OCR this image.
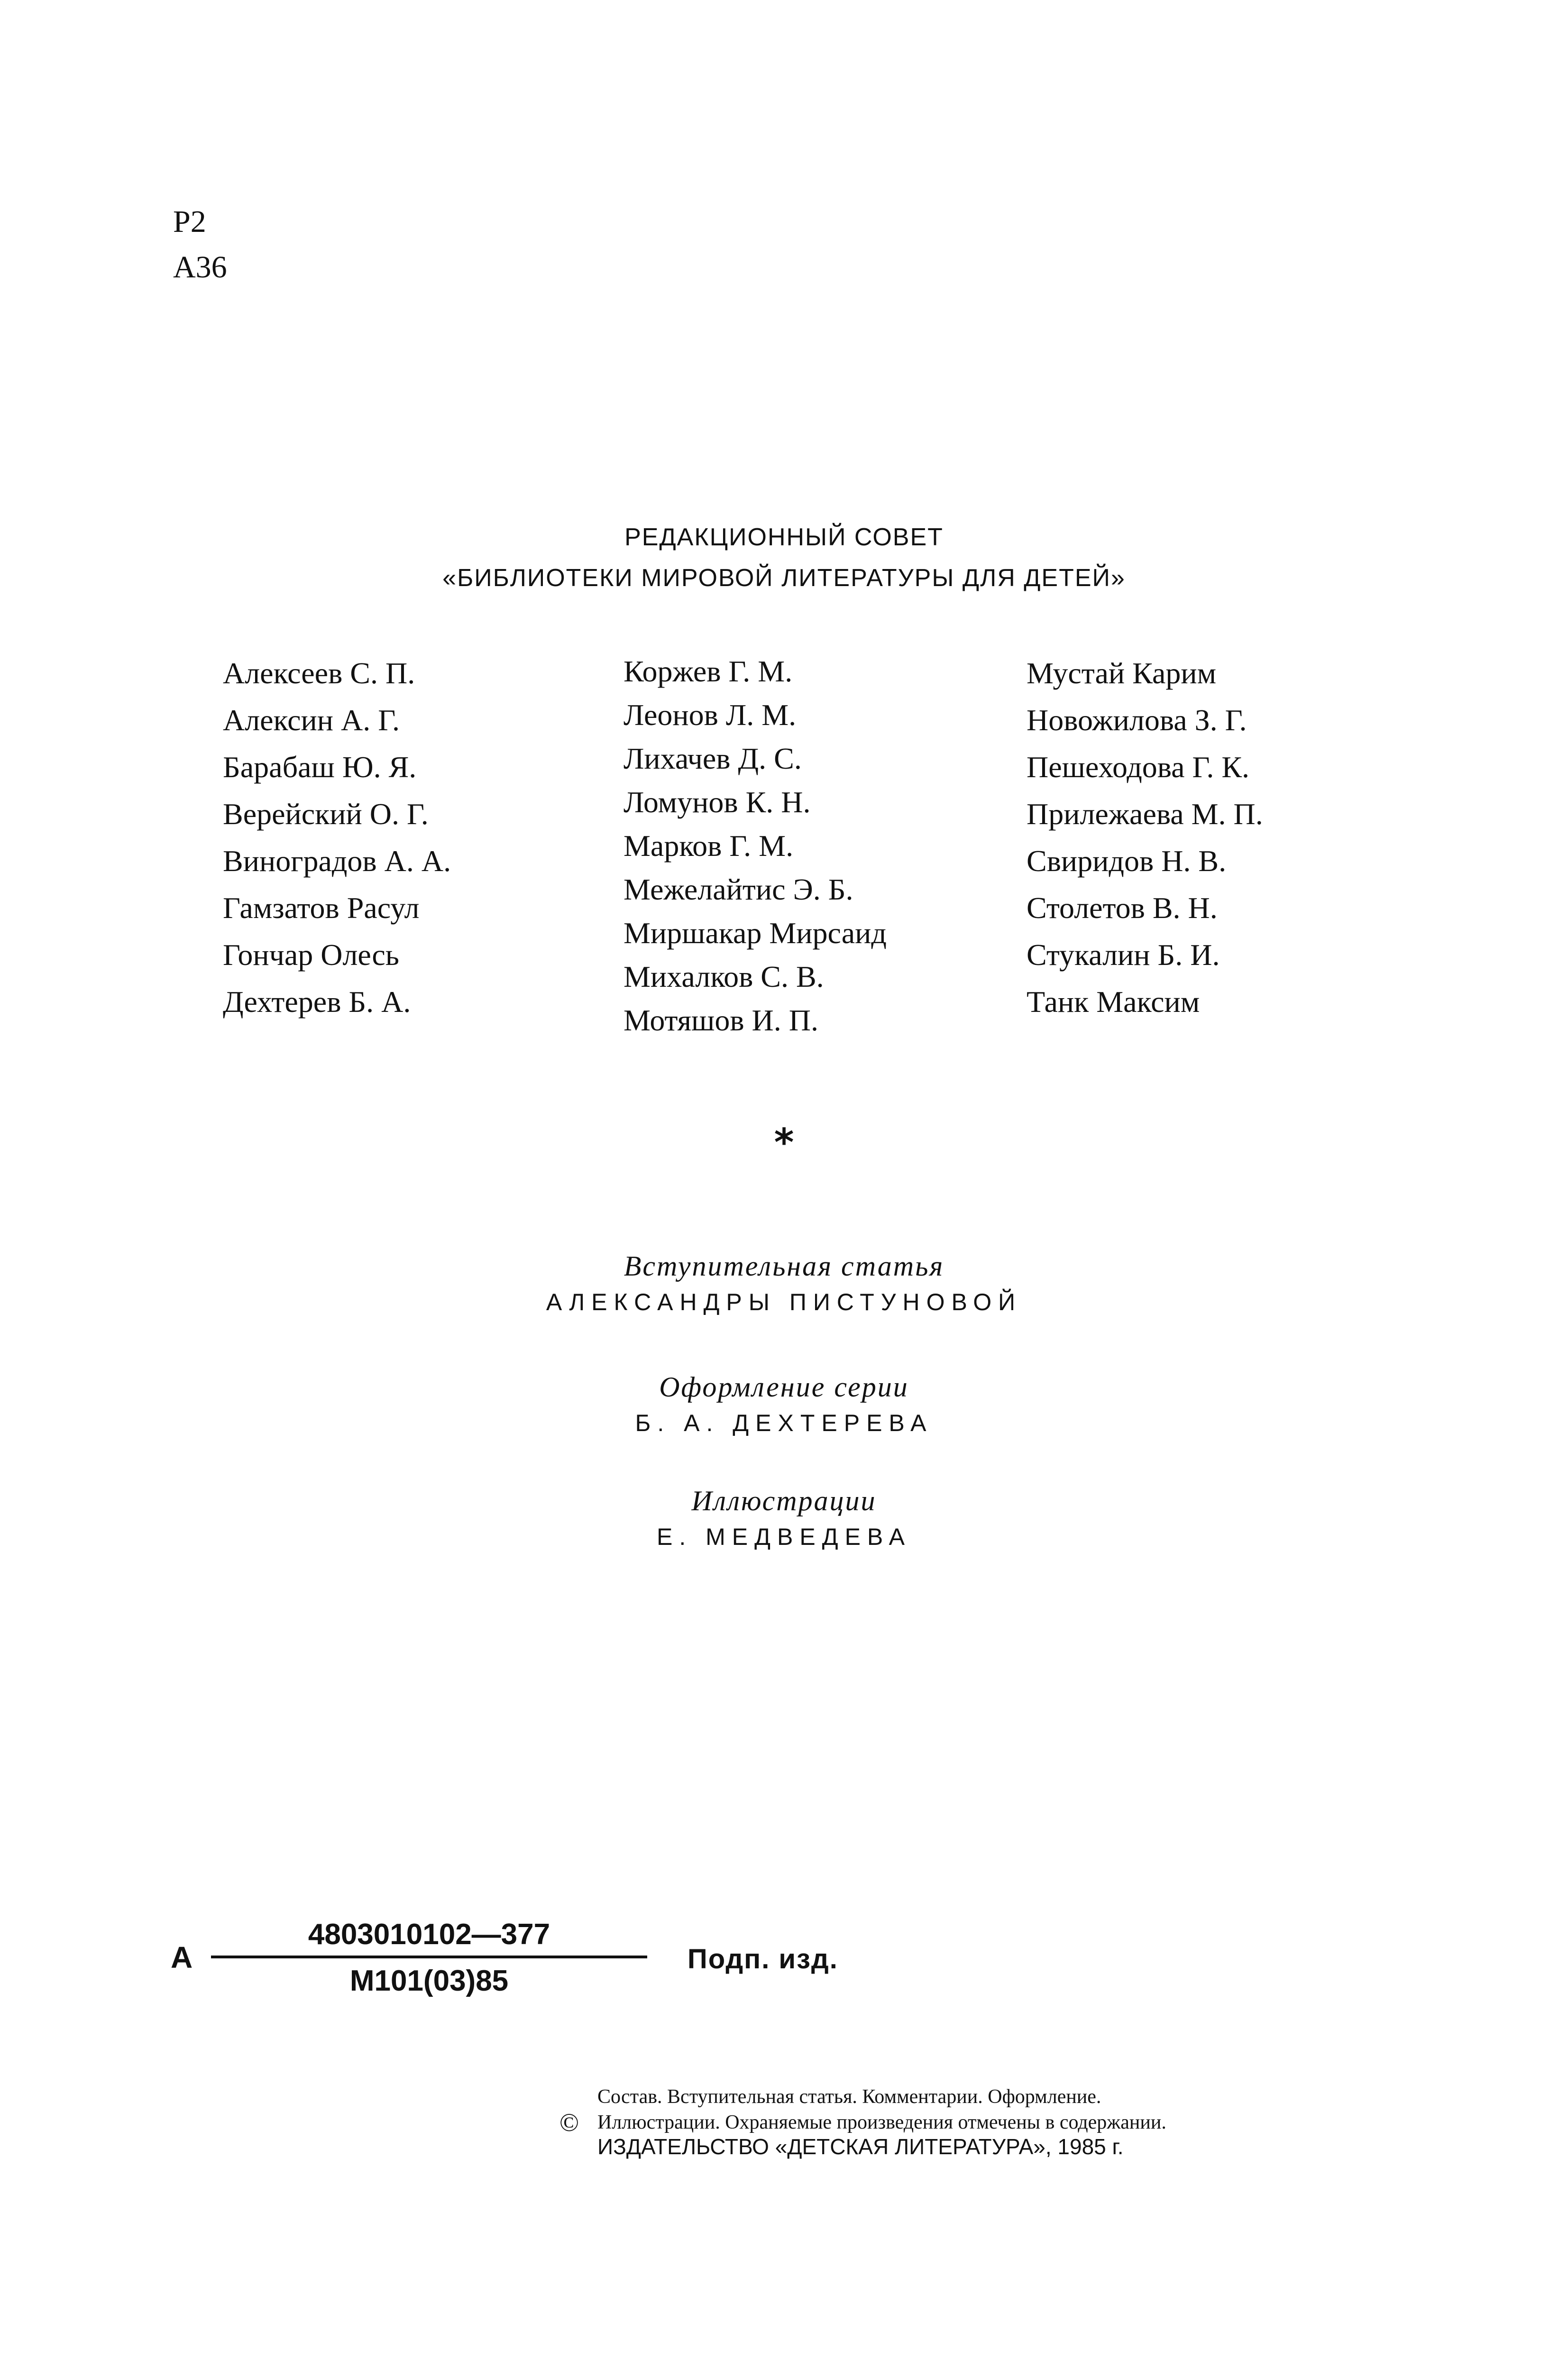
Р2
А36
РЕДАКЦИОННЫЙ СОВЕТ
«БИБЛИОТЕКИ МИРОВОЙ ЛИТЕРАТУРЫ ДЛЯ ДЕТЕЙ»
Алексеев С. П.
Алексин А. Г.
Барабаш Ю. Я.
Верейский О. Г.
Виноградов А. А.
Гамзатов Расул
Гончар Олесь
Дехтерев Б. А.
Коржев Г. М.
Леонов Л. М.
Лихачев Д. С.
Ломунов К. Н.
Марков Г. М.
Межелайтис Э. Б.
Миршакар Мирсаид
Михалков С. В.
Мотяшов И. П.
Мустай Карим
Новожилова З. Г.
Пешеходова Г. К.
Прилежаева М. П.
Свиридов Н. В.
Столетов В. Н.
Стукалин Б. И.
Танк Максим
*
Вступительная статья
АЛЕКСАНДРЫ ПИСТУНОВОЙ
Оформление серии
Б. А. ДЕХТЕРЕВА
Иллюстрации
Е. МЕДВЕДЕВА
А
4803010102—377
М101(03)85
Подп. изд.
Состав. Вступительная статья. Комментарии. Оформление.
© Иллюстрации. Охраняемые произведения отмечены в содержании.
ИЗДАТЕЛЬСТВО «ДЕТСКАЯ ЛИТЕРАТУРА», 1985 г.
